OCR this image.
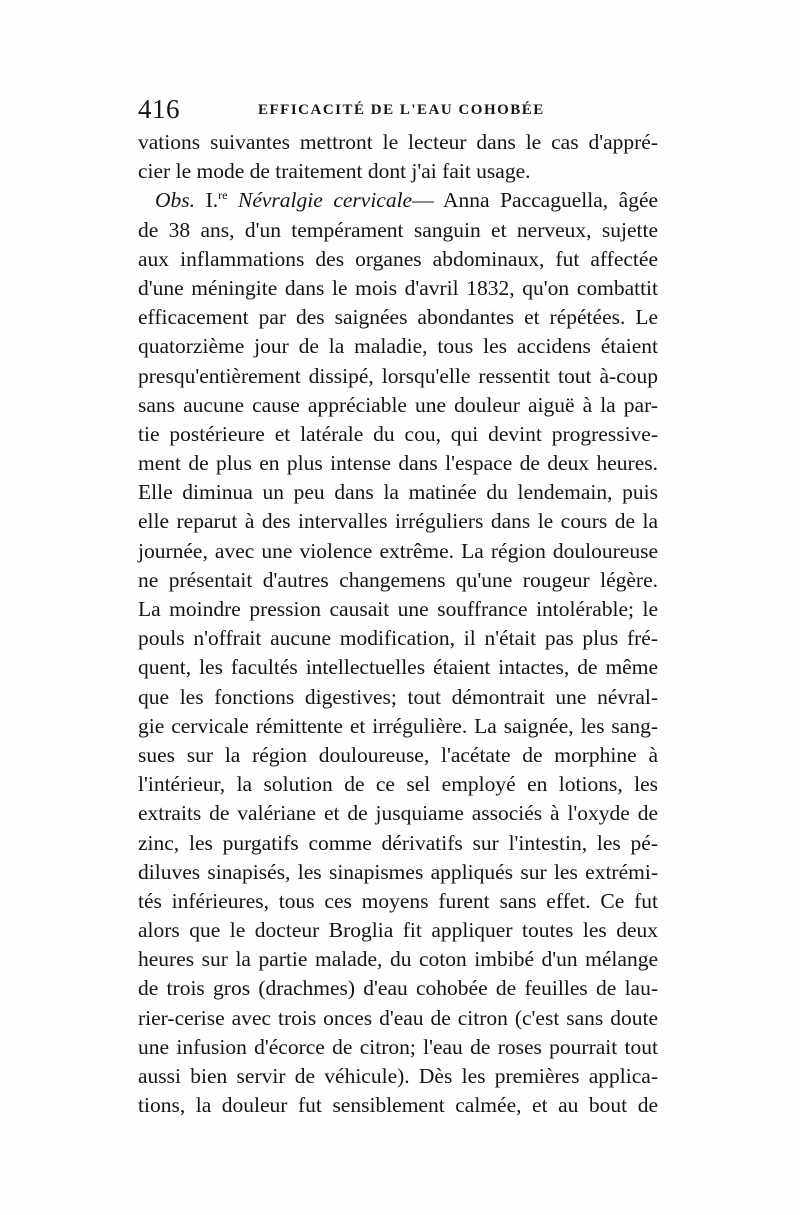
416	EFFICACITÉ DE L'EAU COHOBÉE
vations suivantes mettront le lecteur dans le cas d'appré-
cier le mode de traitement dont j'ai fait usage.
Obs. I.$^{re}$ Névralgie cervicale— Anna Paccaguella, âgée
de 38 ans, d'un tempérament sanguin et nerveux, sujette
aux inflammations des organes abdominaux, fut affectée
d'une méningite dans le mois d'avril 1832, qu'on combattit
efficacement par des saignées abondantes et répétées. Le
quatorzième jour de la maladie, tous les accidens étaient
presqu'entièrement dissipé, lorsqu'elle ressentit tout à-coup
sans aucune cause appréciable une douleur aiguë à la par-
tie postérieure et latérale du cou, qui devint progressive-
ment de plus en plus intense dans l'espace de deux heures.
Elle diminua un peu dans la matinée du lendemain, puis
elle reparut à des intervalles irréguliers dans le cours de la
journée, avec une violence extrême. La région douloureuse
ne présentait d'autres changemens qu'une rougeur légère.
La moindre pression causait une souffrance intolérable; le
pouls n'offrait aucune modification, il n'était pas plus fré-
quent, les facultés intellectuelles étaient intactes, de même
que les fonctions digestives; tout démontrait une névral-
gie cervicale rémittente et irrégulière. La saignée, les sang-
sues sur la région douloureuse, l'acétate de morphine à
l'intérieur, la solution de ce sel employé en lotions, les
extraits de valériane et de jusquiame associés à l'oxyde de
zinc, les purgatifs comme dérivatifs sur l'intestin, les pé-
diluves sinapisés, les sinapismes appliqués sur les extrémi-
tés inférieures, tous ces moyens furent sans effet. Ce fut
alors que le docteur Broglia fit appliquer toutes les deux
heures sur la partie malade, du coton imbibé d'un mélange
de trois gros (drachmes) d'eau cohobée de feuilles de lau-
rier-cerise avec trois onces d'eau de citron (c'est sans doute
une infusion d'écorce de citron; l'eau de roses pourrait tout
aussi bien servir de véhicule). Dès les premières applica-
tions, la douleur fut sensiblement calmée, et au bout de
